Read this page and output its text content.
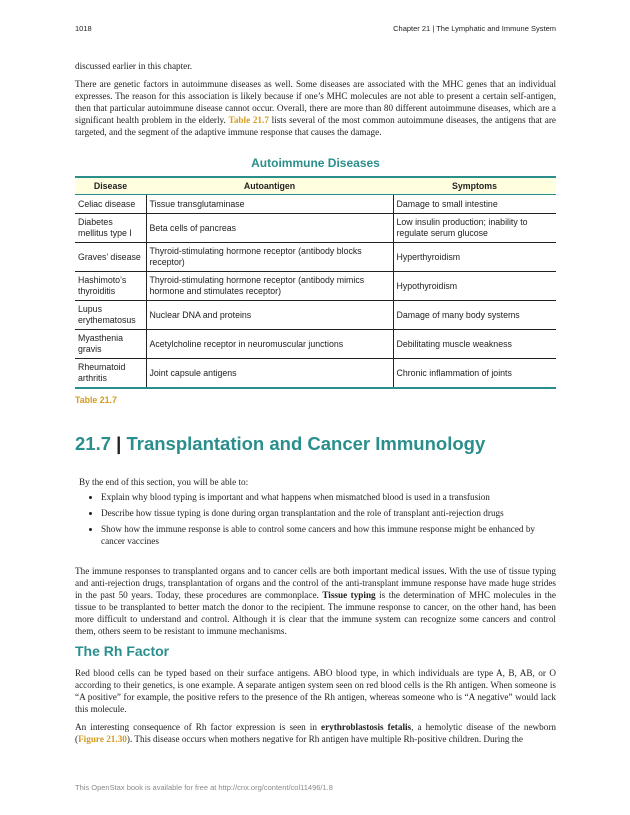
1018	Chapter 21 | The Lymphatic and Immune System

discussed earlier in this chapter.

There are genetic factors in autoimmune diseases as well. Some diseases are associated with the MHC genes that an individual expresses. The reason for this association is likely because if one’s MHC molecules are not able to present a certain self-antigen, then that particular autoimmune disease cannot occur. Overall, there are more than 80 different autoimmune diseases, which are a significant health problem in the elderly. Table 21.7 lists several of the most common autoimmune diseases, the antigens that are targeted, and the segment of the adaptive immune response that causes the damage.

Autoimmune Diseases
Disease	Autoantigen	Symptoms
Celiac disease	Tissue transglutaminase	Damage to small intestine
Diabetes mellitus type I	Beta cells of pancreas	Low insulin production; inability to regulate serum glucose
Graves’ disease	Thyroid-stimulating hormone receptor (antibody blocks receptor)	Hyperthyroidism
Hashimoto’s thyroiditis	Thyroid-stimulating hormone receptor (antibody mimics hormone and stimulates receptor)	Hypothyroidism
Lupus erythematosus	Nuclear DNA and proteins	Damage of many body systems
Myasthenia gravis	Acetylcholine receptor in neuromuscular junctions	Debilitating muscle weakness
Rheumatoid arthritis	Joint capsule antigens	Chronic inflammation of joints
Table 21.7
21.7 | Transplantation and Cancer Immunology
By the end of this section, you will be able to:
• Explain why blood typing is important and what happens when mismatched blood is used in a transfusion
• Describe how tissue typing is done during organ transplantation and the role of transplant anti-rejection drugs
• Show how the immune response is able to control some cancers and how this immune response might be enhanced by cancer vaccines

The immune responses to transplanted organs and to cancer cells are both important medical issues. With the use of tissue typing and anti-rejection drugs, transplantation of organs and the control of the anti-transplant immune response have made huge strides in the past 50 years. Today, these procedures are commonplace. Tissue typing is the determination of MHC molecules in the tissue to be transplanted to better match the donor to the recipient. The immune response to cancer, on the other hand, has been more difficult to understand and control. Although it is clear that the immune system can recognize some cancers and control them, others seem to be resistant to immune mechanisms.

The Rh Factor

Red blood cells can be typed based on their surface antigens. ABO blood type, in which individuals are type A, B, AB, or O according to their genetics, is one example. A separate antigen system seen on red blood cells is the Rh antigen. When someone is “A positive” for example, the positive refers to the presence of the Rh antigen, whereas someone who is “A negative” would lack this molecule.

An interesting consequence of Rh factor expression is seen in erythroblastosis fetalis, a hemolytic disease of the newborn (Figure 21.30). This disease occurs when mothers negative for Rh antigen have multiple Rh-positive children. During the

This OpenStax book is available for free at http://cnx.org/content/col11496/1.8
